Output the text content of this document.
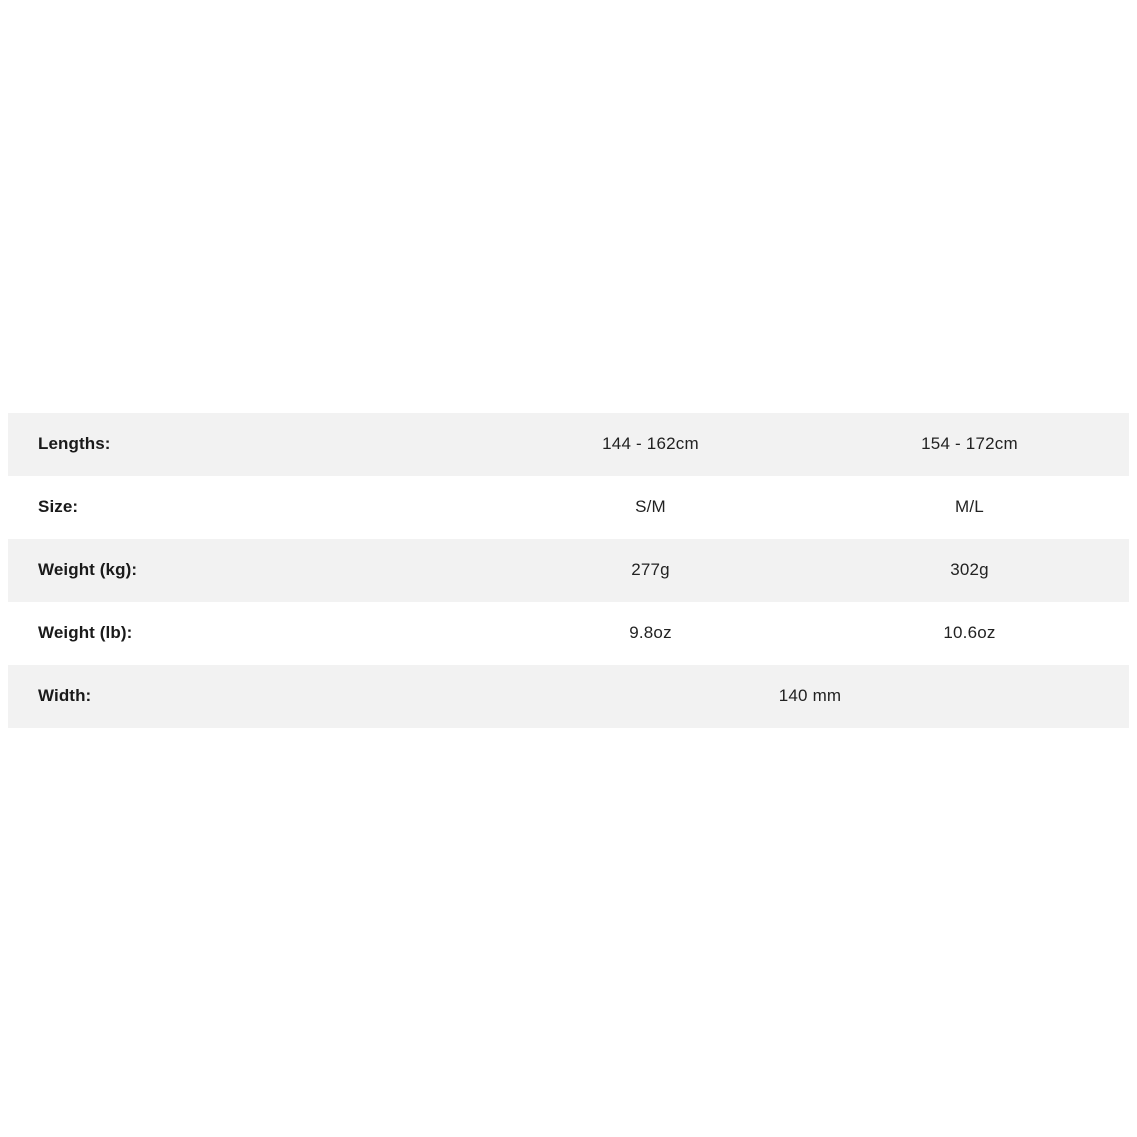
Lengths:	144 - 162cm	154 - 172cm
Size:	S/M	M/L
Weight (kg):	277g	302g
Weight (lb):	9.8oz	10.6oz
Width:	140 mm	
